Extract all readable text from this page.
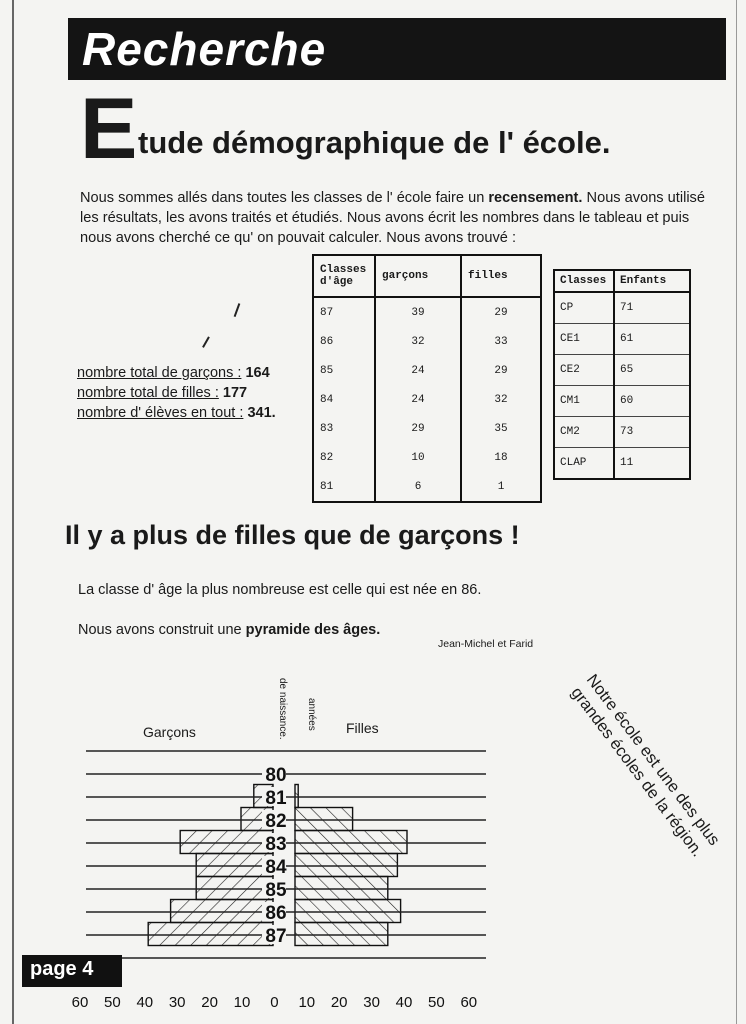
Recherche
E tude démographique de l' école.

Nous sommes allés dans toutes les classes de l' école faire un recensement. Nous avons utilisé les résultats, les avons traités et étudiés. Nous avons écrit les nombres dans le tableau et puis nous avons cherché ce qu' on pouvait calculer. Nous avons trouvé :

nombre total de garçons : 164
nombre total de filles : 177
nombre d' élèves en tout : 341.
Classes d'âge	garçons	filles
87	39	29
86	32	33
85	24	29
84	24	32
83	29	35
82	10	18
81	6	1
Classes	Enfants
CP	71
CE1	61
CE2	65
CM1	60
CM2	73
CLAP	11
Il y a plus de filles que de garçons !
La classe d' âge la plus nombreuse est celle qui est née en 86.
Nous avons construit une pyramide des âges.
Jean-Michel et Farid
Notre école est une des plus grandes écoles de la région.
Garçons	Filles
de naissance. années
80
81
82
83
84
85
86
87
60 50 40 30 20 10 0 10 20 30 40 50 60
page 4
